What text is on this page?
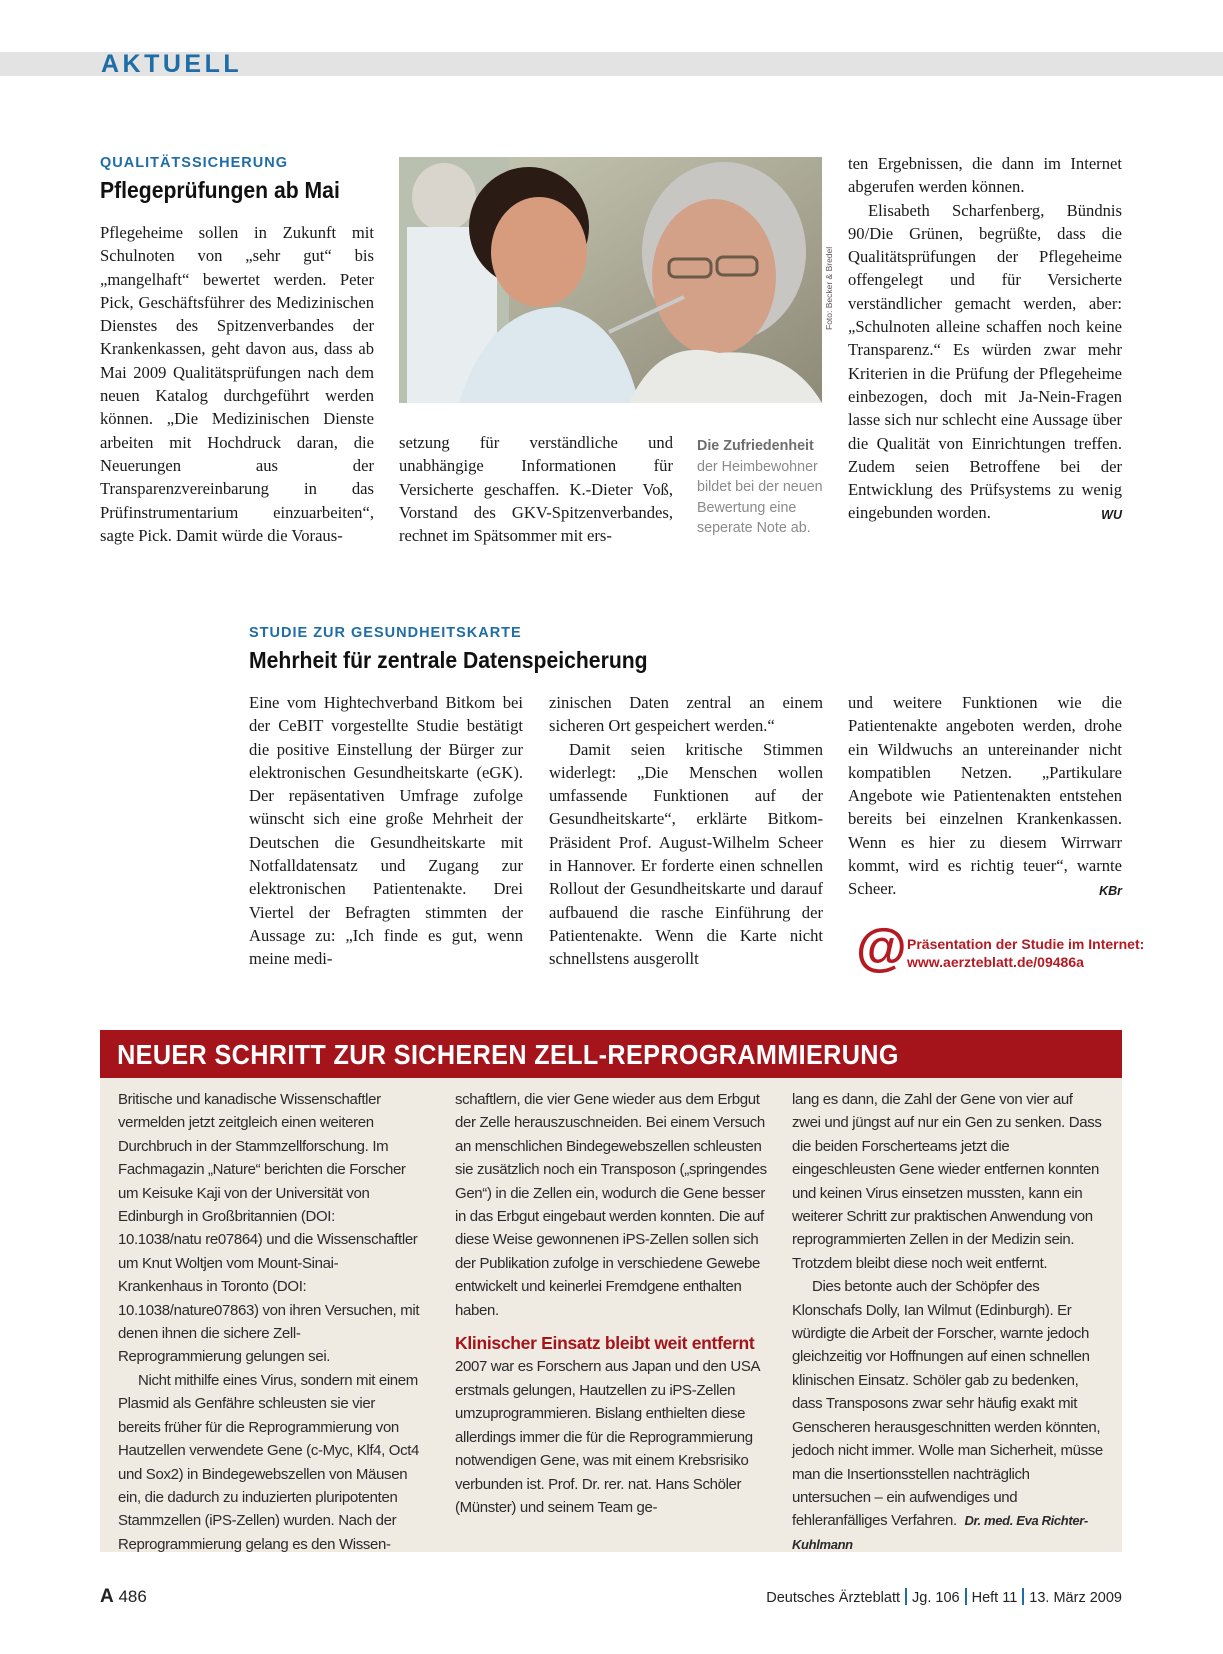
AKTUELL
QUALITÄTSSICHERUNG
Pflegeprüfungen ab Mai

Pflegeheime sollen in Zukunft mit Schulnoten von „sehr gut“ bis „mangelhaft“ bewertet werden. Peter Pick, Geschäftsführer des Medizinischen Dienstes des Spitzenverbandes der Krankenkassen, geht davon aus, dass ab Mai 2009 Qualitätsprüfungen nach dem neuen Katalog durchgeführt werden können. „Die Medizinischen Dienste arbeiten mit Hochdruck daran, die Neuerungen aus der Transparenzvereinbarung in das Prüfinstrumentarium einzuarbeiten“, sagte Pick. Damit würde die Voraus-

Foto: Becker & Bredel

setzung für verständliche und unabhängige Informationen für Versicherte geschaffen. K.-Dieter Voß, Vorstand des GKV-Spitzenverbandes, rechnet im Spätsommer mit ers-

Die Zufriedenheit
der Heimbewohner bildet bei der neuen Bewertung eine seperate Note ab.

ten Ergebnissen, die dann im Internet abgerufen werden können.

Elisabeth Scharfenberg, Bündnis 90/Die Grünen, begrüßte, dass die Qualitätsprüfungen der Pflegeheime offengelegt und für Versicherte verständlicher gemacht werden, aber: „Schulnoten alleine schaffen noch keine Transparenz.“ Es würden zwar mehr Kriterien in die Prüfung der Pflegeheime einbezogen, doch mit Ja-Nein-Fragen lasse sich nur schlecht eine Aussage über die Qualität von Einrichtungen treffen. Zudem seien Betroffene bei der Entwicklung des Prüfsystems zu wenig eingebunden worden.	WU

STUDIE ZUR GESUNDHEITSKARTE
Mehrheit für zentrale Datenspeicherung

Eine vom Hightechverband Bitkom bei der CeBIT vorgestellte Studie bestätigt die positive Einstellung der Bürger zur elektronischen Gesundheitskarte (eGK). Der repäsentativen Umfrage zufolge wünscht sich eine große Mehrheit der Deutschen die Gesundheitskarte mit Notfalldatensatz und Zugang zur elektronischen Patientenakte. Drei Viertel der Befragten stimmten der Aussage zu: „Ich finde es gut, wenn meine medi-

zinischen Daten zentral an einem sicheren Ort gespeichert werden.“

Damit seien kritische Stimmen widerlegt: „Die Menschen wollen umfassende Funktionen auf der Gesundheitskarte“, erklärte Bitkom-Präsident Prof. August-Wilhelm Scheer in Hannover. Er forderte einen schnellen Rollout der Gesundheitskarte und darauf aufbauend die rasche Einführung der Patientenakte. Wenn die Karte nicht schnellstens ausgerollt

und weitere Funktionen wie die Patientenakte angeboten werden, drohe ein Wildwuchs an untereinander nicht kompatiblen Netzen. „Partikulare Angebote wie Patientenakten entstehen bereits bei einzelnen Krankenkassen. Wenn es hier zu diesem Wirrwarr kommt, wird es richtig teuer“, warnte Scheer.	KBr

@ Präsentation der Studie im Internet:
www.aerzteblatt.de/09486a
NEUER SCHRITT ZUR SICHEREN ZELL-REPROGRAMMIERUNG

Britische und kanadische Wissenschaftler vermelden jetzt zeitgleich einen weiteren Durchbruch in der Stammzellforschung. Im Fachmagazin „Nature“ berichten die Forscher um Keisuke Kaji von der Universität von Edinburgh in Großbritannien (DOI: 10.1038/natu re07864) und die Wissenschaftler um Knut Woltjen vom Mount-Sinai-Krankenhaus in Toronto (DOI: 10.1038/nature07863) von ihren Versuchen, mit denen ihnen die sichere Zell-Reprogrammierung gelungen sei.

Nicht mithilfe eines Virus, sondern mit einem Plasmid als Genfähre schleusten sie vier bereits früher für die Reprogrammierung von Hautzellen verwendete Gene (c-Myc, Klf4, Oct4 und Sox2) in Bindegewebszellen von Mäusen ein, die dadurch zu induzierten pluripotenten Stammzellen (iPS-Zellen) wurden. Nach der Reprogrammierung gelang es den Wissen-

schaftlern, die vier Gene wieder aus dem Erbgut der Zelle herauszuschneiden. Bei einem Versuch an menschlichen Bindegewebszellen schleusten sie zusätzlich noch ein Transposon („springendes Gen“) in die Zellen ein, wodurch die Gene besser in das Erbgut eingebaut werden konnten. Die auf diese Weise gewonnenen iPS-Zellen sollen sich der Publikation zufolge in verschiedene Gewebe entwickelt und keinerlei Fremdgene enthalten haben.

Klinischer Einsatz bleibt weit entfernt

2007 war es Forschern aus Japan und den USA erstmals gelungen, Hautzellen zu iPS-Zellen umzuprogrammieren. Bislang enthielten diese allerdings immer die für die Reprogrammierung notwendigen Gene, was mit einem Krebsrisiko verbunden ist. Prof. Dr. rer. nat. Hans Schöler (Münster) und seinem Team ge-

lang es dann, die Zahl der Gene von vier auf zwei und jüngst auf nur ein Gen zu senken. Dass die beiden Forscherteams jetzt die eingeschleusten Gene wieder entfernen konnten und keinen Virus einsetzen mussten, kann ein weiterer Schritt zur praktischen Anwendung von reprogrammierten Zellen in der Medizin sein. Trotzdem bleibt diese noch weit entfernt.

Dies betonte auch der Schöpfer des Klonschafs Dolly, Ian Wilmut (Edinburgh). Er würdigte die Arbeit der Forscher, warnte jedoch gleichzeitig vor Hoffnungen auf einen schnellen klinischen Einsatz. Schöler gab zu bedenken, dass Transposons zwar sehr häufig exakt mit Genscheren herausgeschnitten werden könnten, jedoch nicht immer. Wolle man Sicherheit, müsse man die Insertionsstellen nachträglich untersuchen – ein aufwendiges und fehleranfälliges Verfahren. Dr. med. Eva Richter-Kuhlmann

A 486	Deutsches Ärzteblatt Jg. 106 Heft 11 13. März 2009
